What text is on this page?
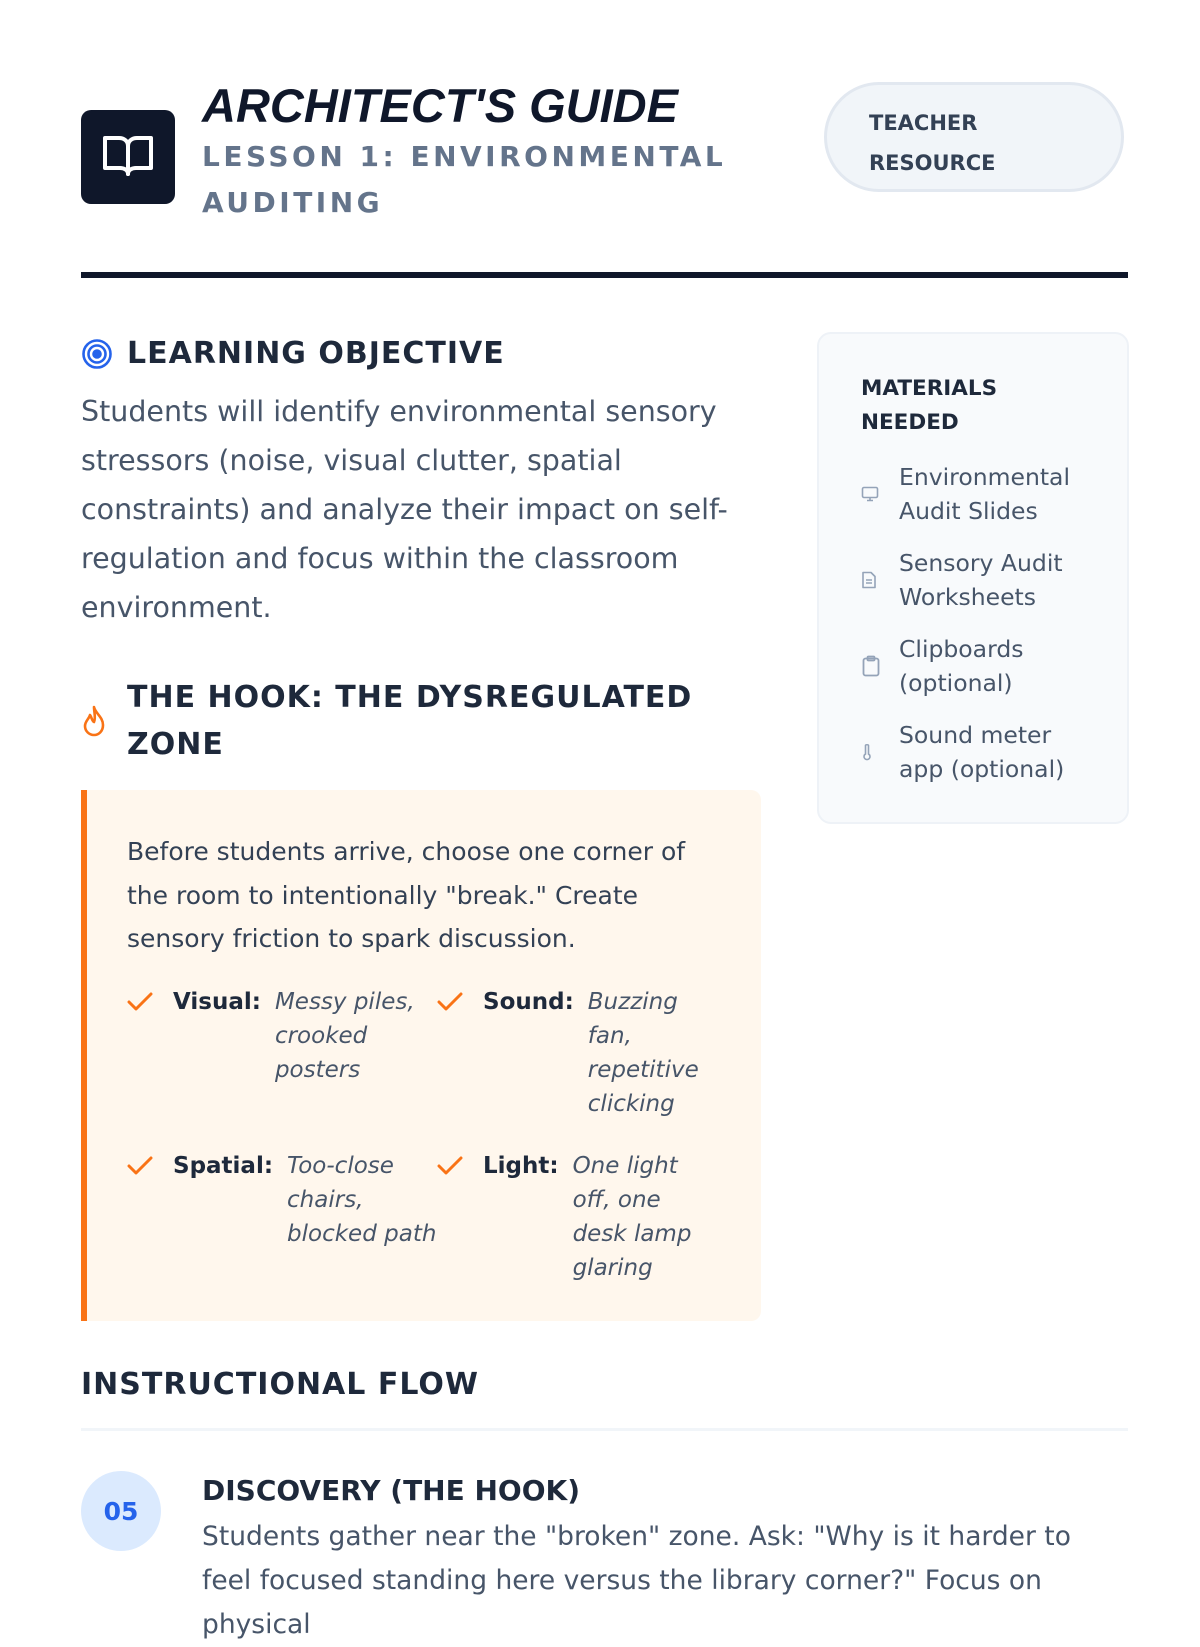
ARCHITECT'S GUIDE

LESSON 1: ENVIRONMENTAL AUDITING

TEACHER
RESOURCE
LEARNING OBJECTIVE

Students will identify environmental sensory stressors (noise, visual clutter, spatial constraints) and analyze their impact on self-regulation and focus within the classroom environment.

THE HOOK: THE DYSREGULATED ZONE

Before students arrive, choose one corner of the room to intentionally "break." Create sensory friction to spark discussion.

Visual: Messy piles, crooked posters
Sound: Buzzing fan, repetitive clicking
Spatial: Too-close chairs, blocked path
Light: One light off, one desk lamp glaring

MATERIALS NEEDED

Environmental Audit Slides
Sensory Audit Worksheets
Clipboards (optional)
Sound meter app (optional)
INSTRUCTIONAL FLOW
05

DISCOVERY (THE HOOK)

Students gather near the "broken" zone. Ask: "Why is it harder to feel focused standing here versus the library corner?" Focus on physical
